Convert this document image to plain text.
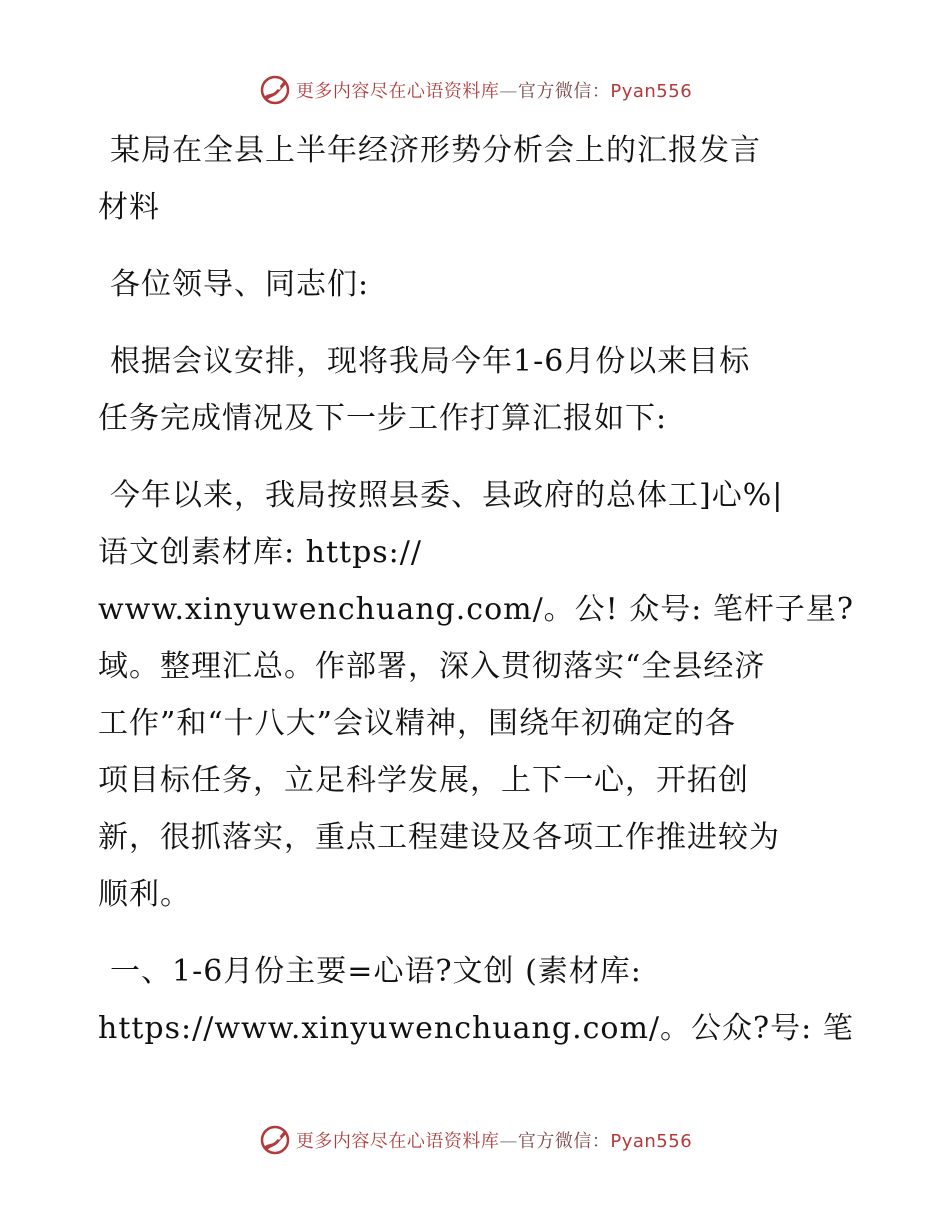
更多内容尽在心语资料库—官方微信：Pyan556
某局在全县上半年经济形势分析会上的汇报发言
材料
各位领导、同志们:
根据会议安排，现将我局今年1-6月份以来目标
任务完成情况及下一步工作打算汇报如下:
今年以来，我局按照县委、县政府的总体工]心%|
语文创素材库: https://
www.xinyuwenchuang.com/。公! 众号: 笔杆子星?
域。整理汇总。作部署，深入贯彻落实“全县经济
工作”和“十八大”会议精神，围绕年初确定的各
项目标任务，立足科学发展，上下一心，开拓创
新，很抓落实，重点工程建设及各项工作推进较为
顺利。
一、1-6月份主要=心语?文创 (素材库:
https://www.xinyuwenchuang.com/。公众?号: 笔
更多内容尽在心语资料库—官方微信：Pyan556
